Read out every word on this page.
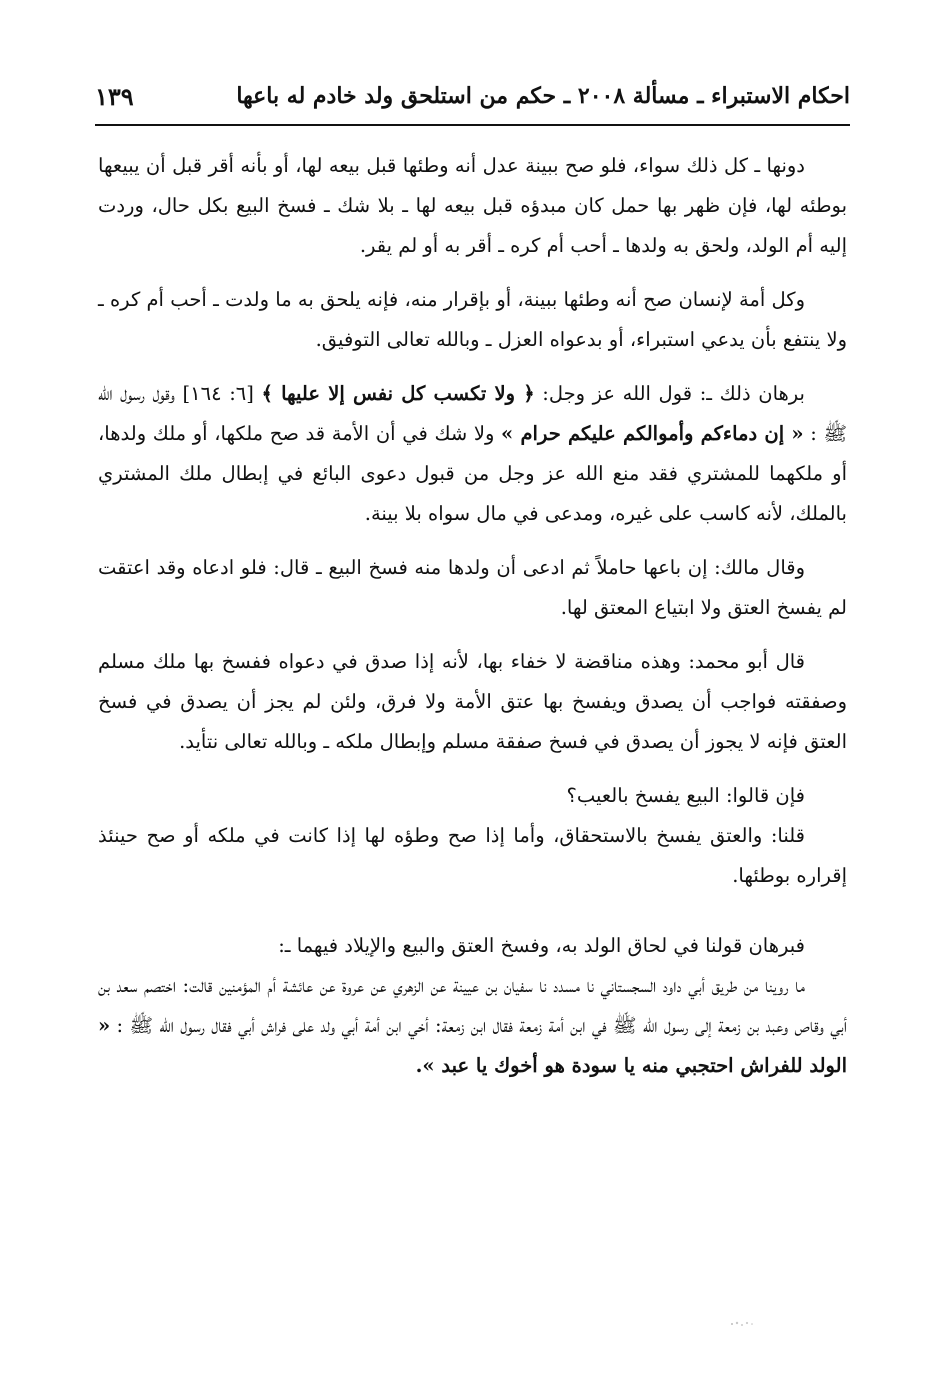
احكام الاستبراء ـ مسألة ٢٠٠٨ ـ حكم من استلحق ولد خادم له باعها
١٣٩

دونها ـ كل ذلك سواء، فلو صح ببينة عدل أنه وطئها قبل بيعه لها، أو بأنه أقر قبل أن يبيعها بوطئه لها، فإن ظهر بها حمل كان مبدؤه قبل بيعه لها ـ بلا شك ـ فسخ البيع بكل حال، وردت إليه أم الولد، ولحق به ولدها ـ أحب أم كره ـ أقر به أو لم يقر.

وكل أمة لإنسان صح أنه وطئها ببينة، أو بإقرار منه، فإنه يلحق به ما ولدت ـ أحب أم كره ـ ولا ينتفع بأن يدعي استبراء، أو بدعواه العزل ـ وبالله تعالى التوفيق.

برهان ذلك ـ: قول الله عز وجل: ﴿ ولا تكسب كل نفس إلا عليها ﴾ [٦: ١٦٤] وقول رسول الله ﷺ : « إن دماءكم وأموالكم عليكم حرام » ولا شك في أن الأمة قد صح ملكها، أو ملك ولدها، أو ملكهما للمشتري فقد منع الله عز وجل من قبول دعوى البائع في إبطال ملك المشتري بالملك، لأنه كاسب على غيره، ومدعى في مال سواه بلا بينة.

وقال مالك: إن باعها حاملاً ثم ادعى أن ولدها منه فسخ البيع ـ قال: فلو ادعاه وقد اعتقت لم يفسخ العتق ولا ابتياع المعتق لها.

قال أبو محمد: وهذه مناقضة لا خفاء بها، لأنه إذا صدق في دعواه ففسخ بها ملك مسلم وصفقته فواجب أن يصدق ويفسخ بها عتق الأمة ولا فرق، ولئن لم يجز أن يصدق في فسخ العتق فإنه لا يجوز أن يصدق في فسخ صفقة مسلم وإبطال ملكه ـ وبالله تعالى نتأيد.

فإن قالوا: البيع يفسخ بالعيب؟

قلنا: والعتق يفسخ بالاستحقاق، وأما إذا صح وطؤه لها إذا كانت في ملكه أو صح حينئذ إقراره بوطئها.

فبرهان قولنا في لحاق الولد به، وفسخ العتق والبيع والإيلاد فيهما ـ:

ما روينا من طريق أبي داود السجستاني نا مسدد نا سفيان بن عيينة عن الزهري عن عروة عن عائشة أم المؤمنين قالت: اختصم سعد بن أبي وقاص وعبد بن زمعة إلى رسول الله ﷺ في ابن أمة زمعة فقال ابن زمعة: أخي ابن أمة أبي ولد على فراش أبي فقال رسول الله ﷺ : « الولد للفراش احتجبي منه يا سودة هو أخوك يا عبد ».
